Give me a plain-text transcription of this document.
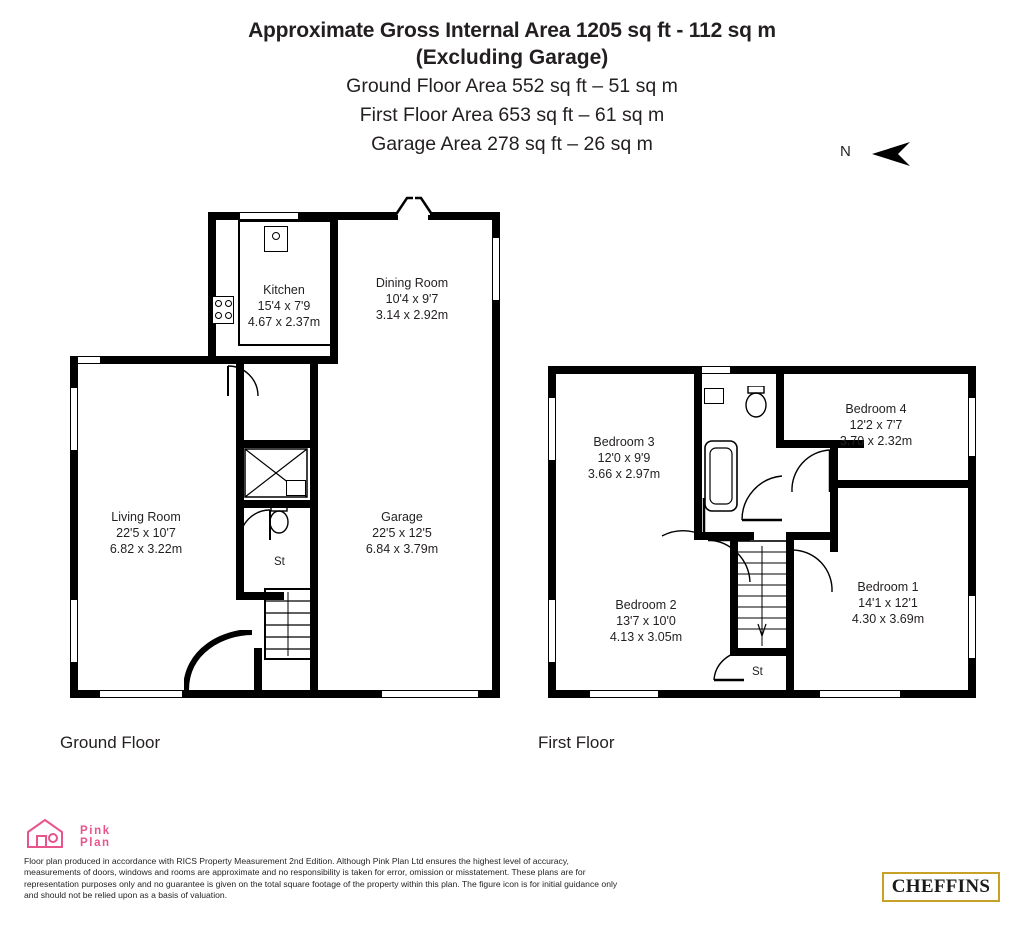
Approximate Gross Internal Area 1205 sq ft - 112 sq m
(Excluding Garage)
Ground Floor Area 552 sq ft – 51 sq m
First Floor Area 653 sq ft – 61 sq m
Garage Area 278 sq ft – 26 sq m	N
Kitchen
15'4 x 7'9
4.67 x 2.37m
Dining Room
10'4 x 9'7
3.14 x 2.92m
Living Room
22'5 x 10'7
6.82 x 3.22m
Garage
22'5 x 12'5
6.84 x 3.79m
St
Bedroom 3
12'0 x 9'9
3.66 x 2.97m
Bedroom 4
12'2 x 7'7
3.70 x 2.32m
Bedroom 2
13'7 x 10'0
4.13 x 3.05m
Bedroom 1
14'1 x 12'1
4.30 x 3.69m
St
Ground Floor	First Floor
Pink Plan
Floor plan produced in accordance with RICS Property Measurement 2nd Edition. Although Pink Plan Ltd ensures the highest level of accuracy, measurements of doors, windows and rooms are approximate and no responsibility is taken for error, omission or misstatement. These plans are for representation purposes only and no guarantee is given on the total square footage of the property within this plan. The figure icon is for initial guidance only and should not be relied upon as a basis of valuation.	CHEFFINS
